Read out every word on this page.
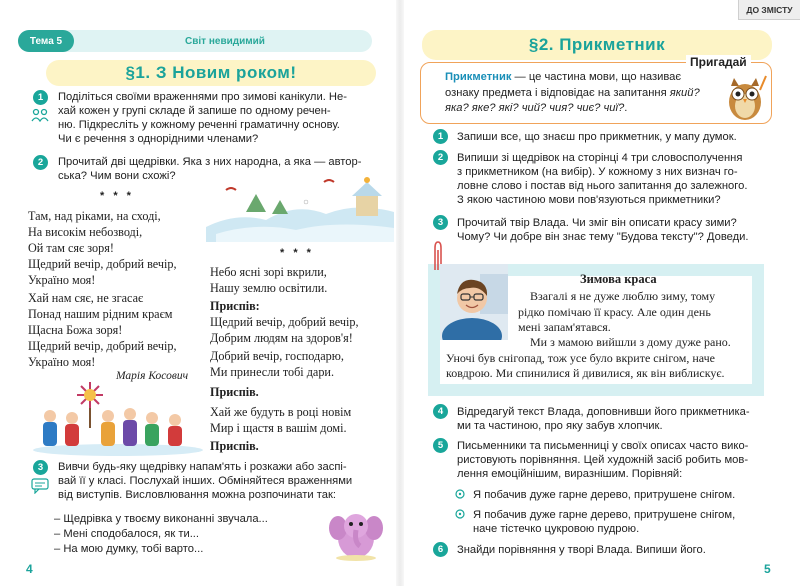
ДО ЗМІСТУ
Тема 5	Світ невидимий
§1. З Новим роком!
1	Поділіться своїми враженнями про зимові канікули. Не-
хай кожен у групі складе й запише по одному речен-
ню. Підкресліть у кожному реченні граматичну основу.
Чи є речення з однорідними членами?
2	Прочитай дві щедрівки. Яка з них народна, а яка — автор-
ська? Чим вони схожі?
* * *
Там, над ріками, на сході,
На високім небозводі,
Ой там сяє зоря!
Щедрий вечір, добрий вечір,
Україно моя!
Хай нам сяє, не згасає
Понад нашим рідним краєм
Щасна Божа зоря!
Щедрий вечір, добрий вечір,
Україно моя!
Марія Косович
* * *
Небо ясні зорі вкрили,
Нашу землю освітили.
Приспів:
Щедрий вечір, добрий вечір,
Добрим людям на здоров'я!
Добрий вечір, господарю,
Ми принесли тобі дари.
Приспів.
Хай же будуть в році новім
Мир і щастя в вашім домі.
Приспів.
3	Вивчи будь-яку щедрівку напам'ять і розкажи або заспі-
вай її у класі. Послухай інших. Обміняйтеся враженнями
від виступів. Висловлювання можна розпочинати так:
– Щедрівка у твоєму виконанні звучала...
– Мені сподобалося, як ти...
– На мою думку, тобі варто...
4
§2. Прикметник
Пригадай
Прикметник — це частина мови, що називає
ознаку предмета і відповідає на запитання який?
яка? яке? які? чий? чия? чиє? чиї?.
1	Запиши все, що знаєш про прикметник, у мапу думок.
2	Випиши зі щедрівок на сторінці 4 три словосполучення
з прикметником (на вибір). У кожному з них визнач го-
ловне слово і постав від нього запитання до залежного.
З якою частиною мови пов'язуються прикметники?
3	Прочитай твір Влада. Чи зміг він описати красу зими?
Чому? Чи добре він знає тему "Будова тексту"? Доведи.
Зимова краса
Взагалі я не дуже люблю зиму, тому
рідко помічаю її красу. Але один день
мені запам'ятався.
Ми з мамою вийшли з дому дуже рано.
Уночі був снігопад, тож усе було вкрите снігом, наче
ковдрою. Ми спинилися й дивилися, як він виблискує.
4	Відредагуй текст Влада, доповнивши його прикметника-
ми та частиною, про яку забув хлопчик.
5	Письменники та письменниці у своїх описах часто вико-
ристовують порівняння. Цей художній засіб робить мов-
лення емоційнішим, виразнішим. Порівняй:
Я побачив дуже гарне дерево, притрушене снігом.
Я побачив дуже гарне дерево, притрушене снігом,
наче тістечко цукровою пудрою.
6	Знайди порівняння у творі Влада. Випиши його.
5
